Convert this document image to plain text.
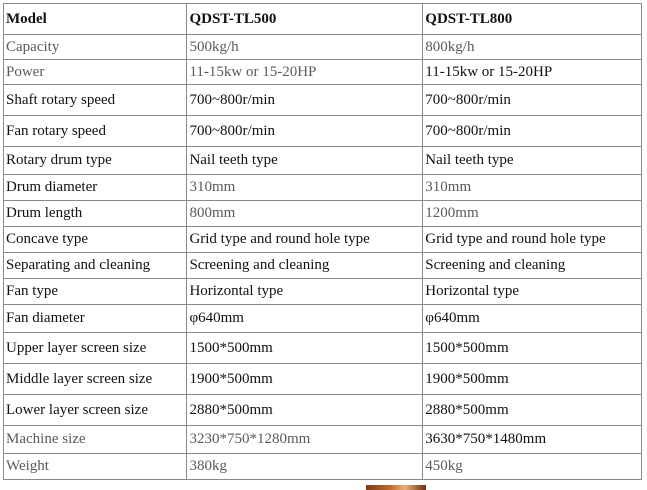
Model	QDST-TL500	QDST-TL800
Capacity	500kg/h	800kg/h
Power	11-15kw or 15-20HP	11-15kw or 15-20HP
Shaft rotary speed	700~800r/min	700~800r/min
Fan rotary speed	700~800r/min	700~800r/min
Rotary drum type	Nail teeth type	Nail teeth type
Drum diameter	310mm	310mm
Drum length	800mm	1200mm
Concave type	Grid type and round hole type	Grid type and round hole type
Separating and cleaning	Screening and cleaning	Screening and cleaning
Fan type	Horizontal type	Horizontal type
Fan diameter	φ640mm	φ640mm
Upper layer screen size	1500*500mm	1500*500mm
Middle layer screen size	1900*500mm	1900*500mm
Lower layer screen size	2880*500mm	2880*500mm
Machine size	3230*750*1280mm	3630*750*1480mm
Weight	380kg	450kg
